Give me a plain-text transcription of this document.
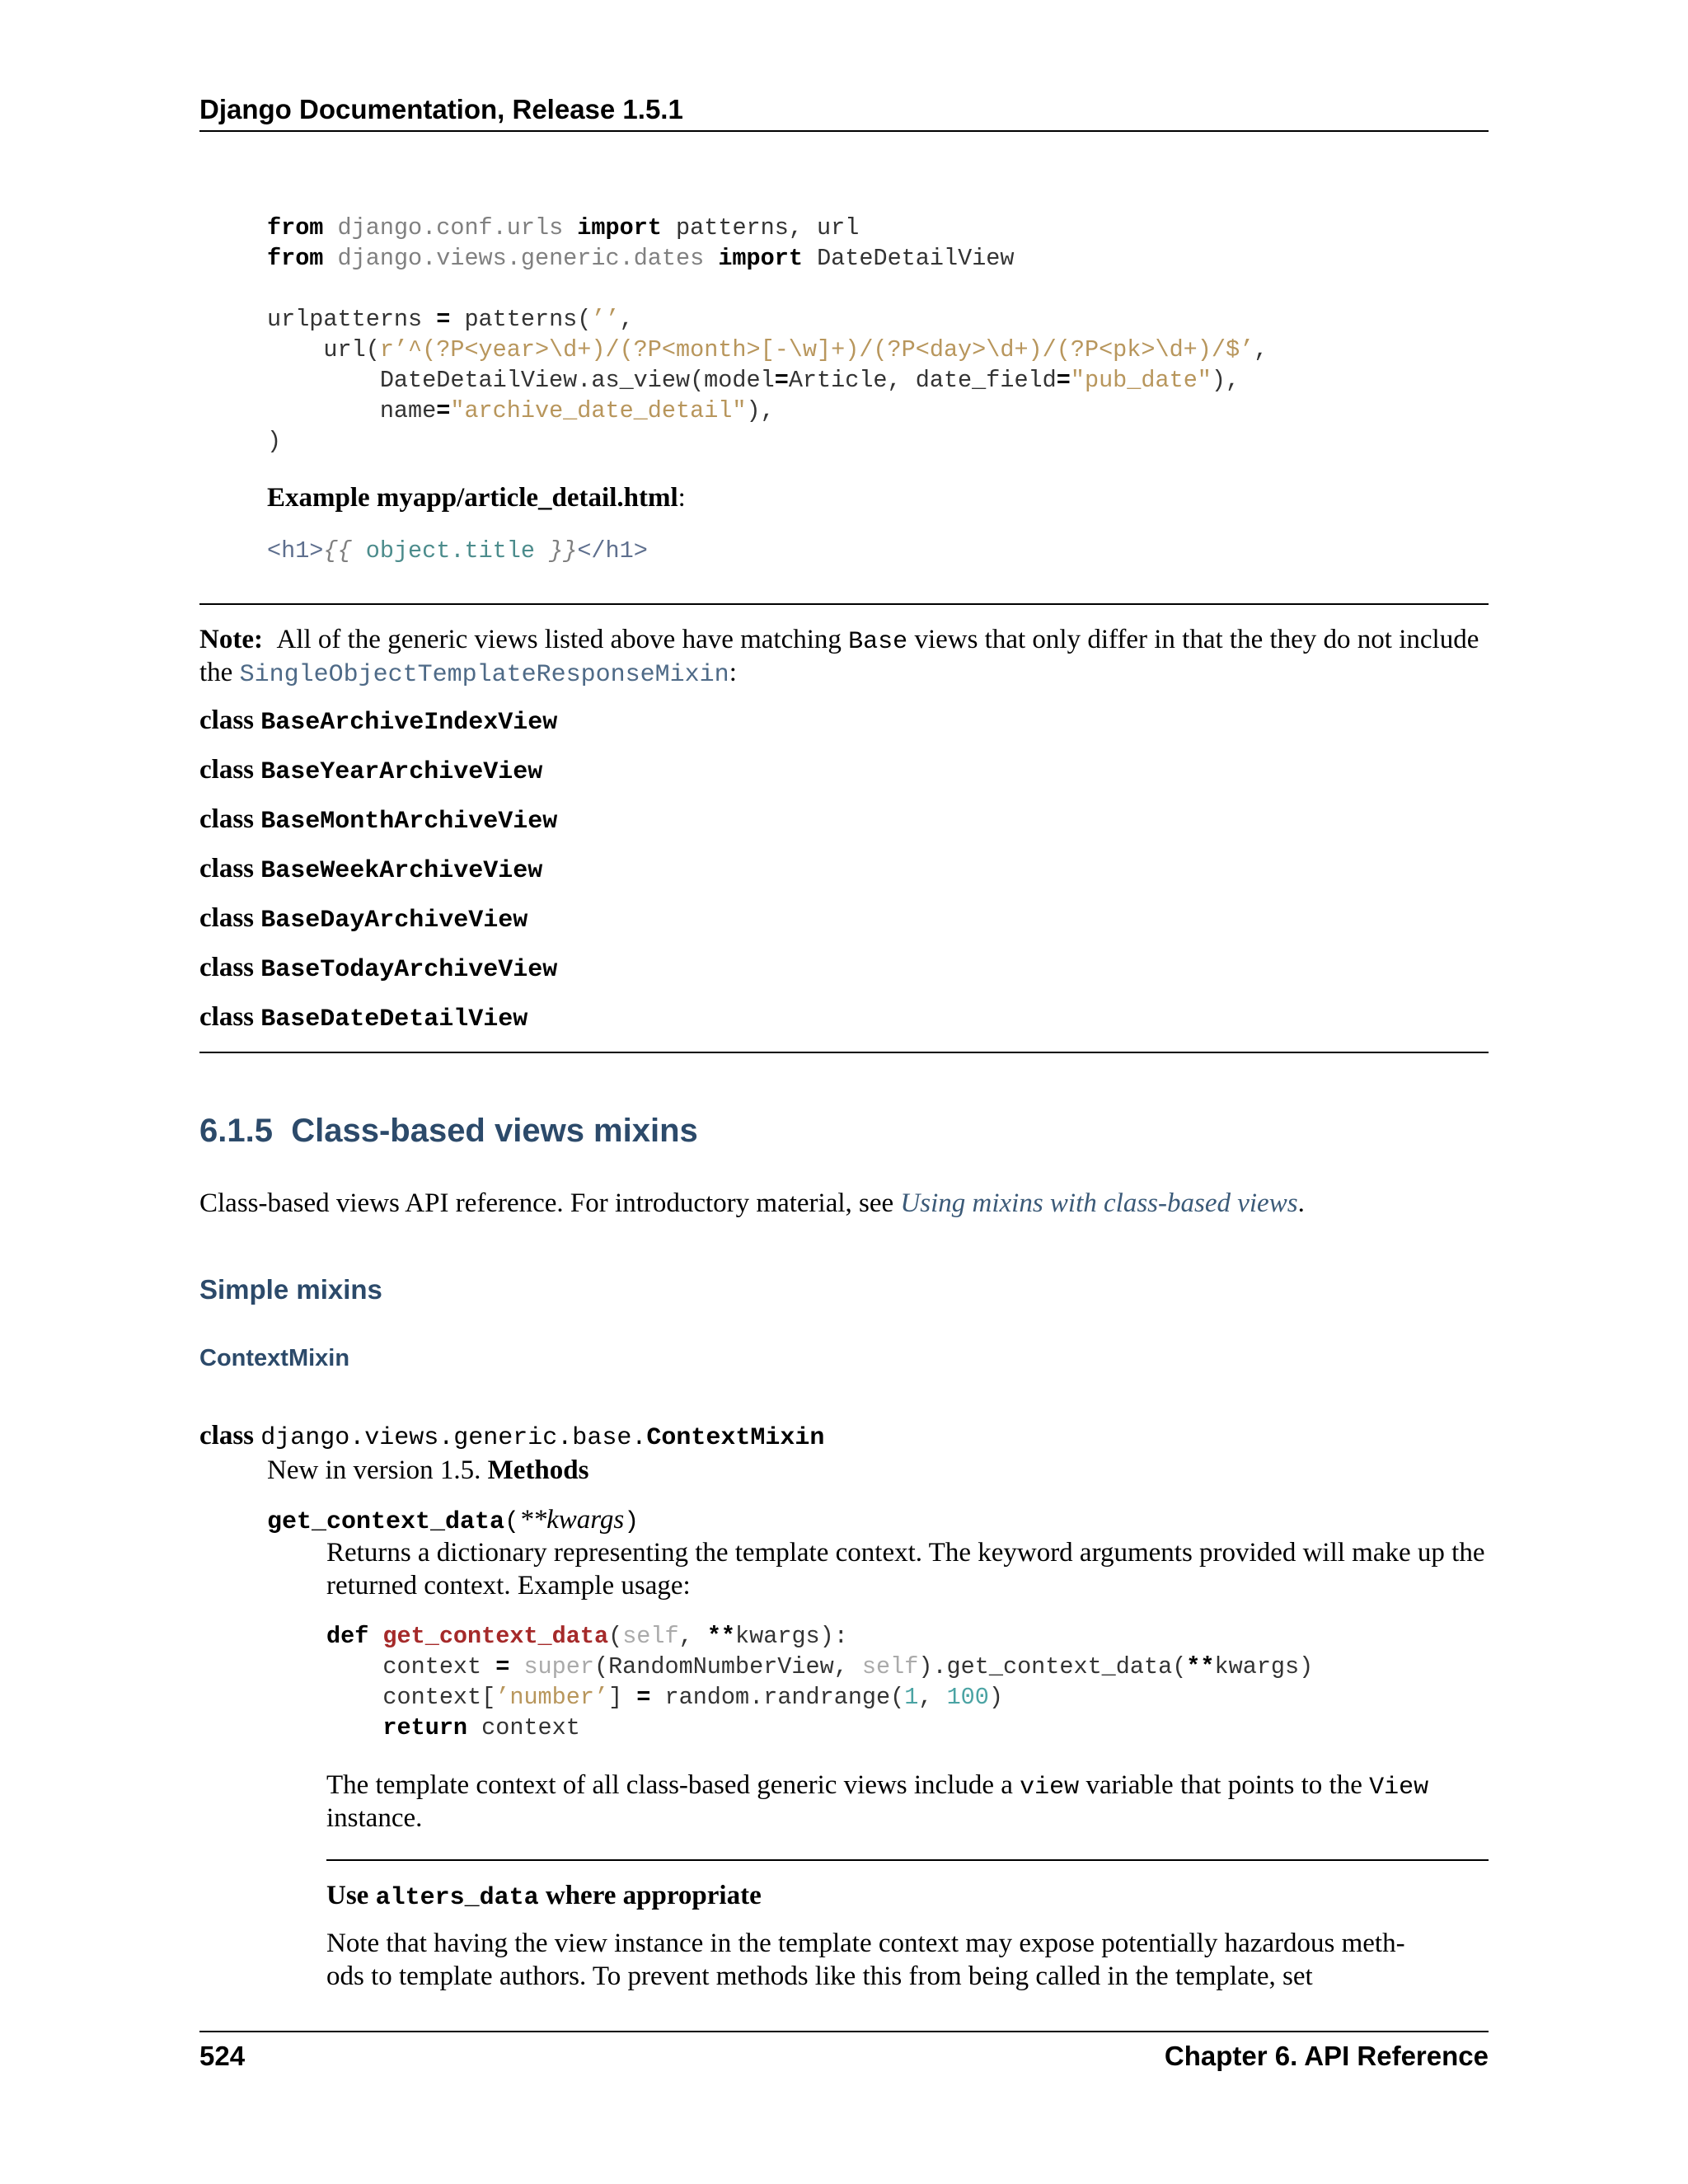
Django Documentation, Release 1.5.1
from django.conf.urls import patterns, url
from django.views.generic.dates import DateDetailView

urlpatterns = patterns(’’,
url(r’^(?P<year>\d+)/(?P<month>[-\w]+)/(?P<day>\d+)/(?P<pk>\d+)/$’,
DateDetailView.as_view(model=Article, date_field="pub_date"),
name="archive_date_detail"),
)
Example myapp/article_detail.html:
<h1>{{ object.title }}</h1>
Note: All of the generic views listed above have matching Base views that only differ in that the they do not include
the SingleObjectTemplateResponseMixin:
class BaseArchiveIndexView
class BaseYearArchiveView
class BaseMonthArchiveView
class BaseWeekArchiveView
class BaseDayArchiveView
class BaseTodayArchiveView
class BaseDateDetailView
6.1.5 Class-based views mixins
Class-based views API reference. For introductory material, see Using mixins with class-based views.
Simple mixins
ContextMixin
class django.views.generic.base.ContextMixin
New in version 1.5. Methods
get_context_data(**kwargs)
Returns a dictionary representing the template context. The keyword arguments provided will make up the
returned context. Example usage:
def get_context_data(self, **kwargs):
context = super(RandomNumberView, self).get_context_data(**kwargs)
context[’number’] = random.randrange(1, 100)
return context
The template context of all class-based generic views include a view variable that points to the View
instance.
Use alters_data where appropriate
Note that having the view instance in the template context may expose potentially hazardous meth-
ods to template authors. To prevent methods like this from being called in the template, set
524	Chapter 6. API Reference
